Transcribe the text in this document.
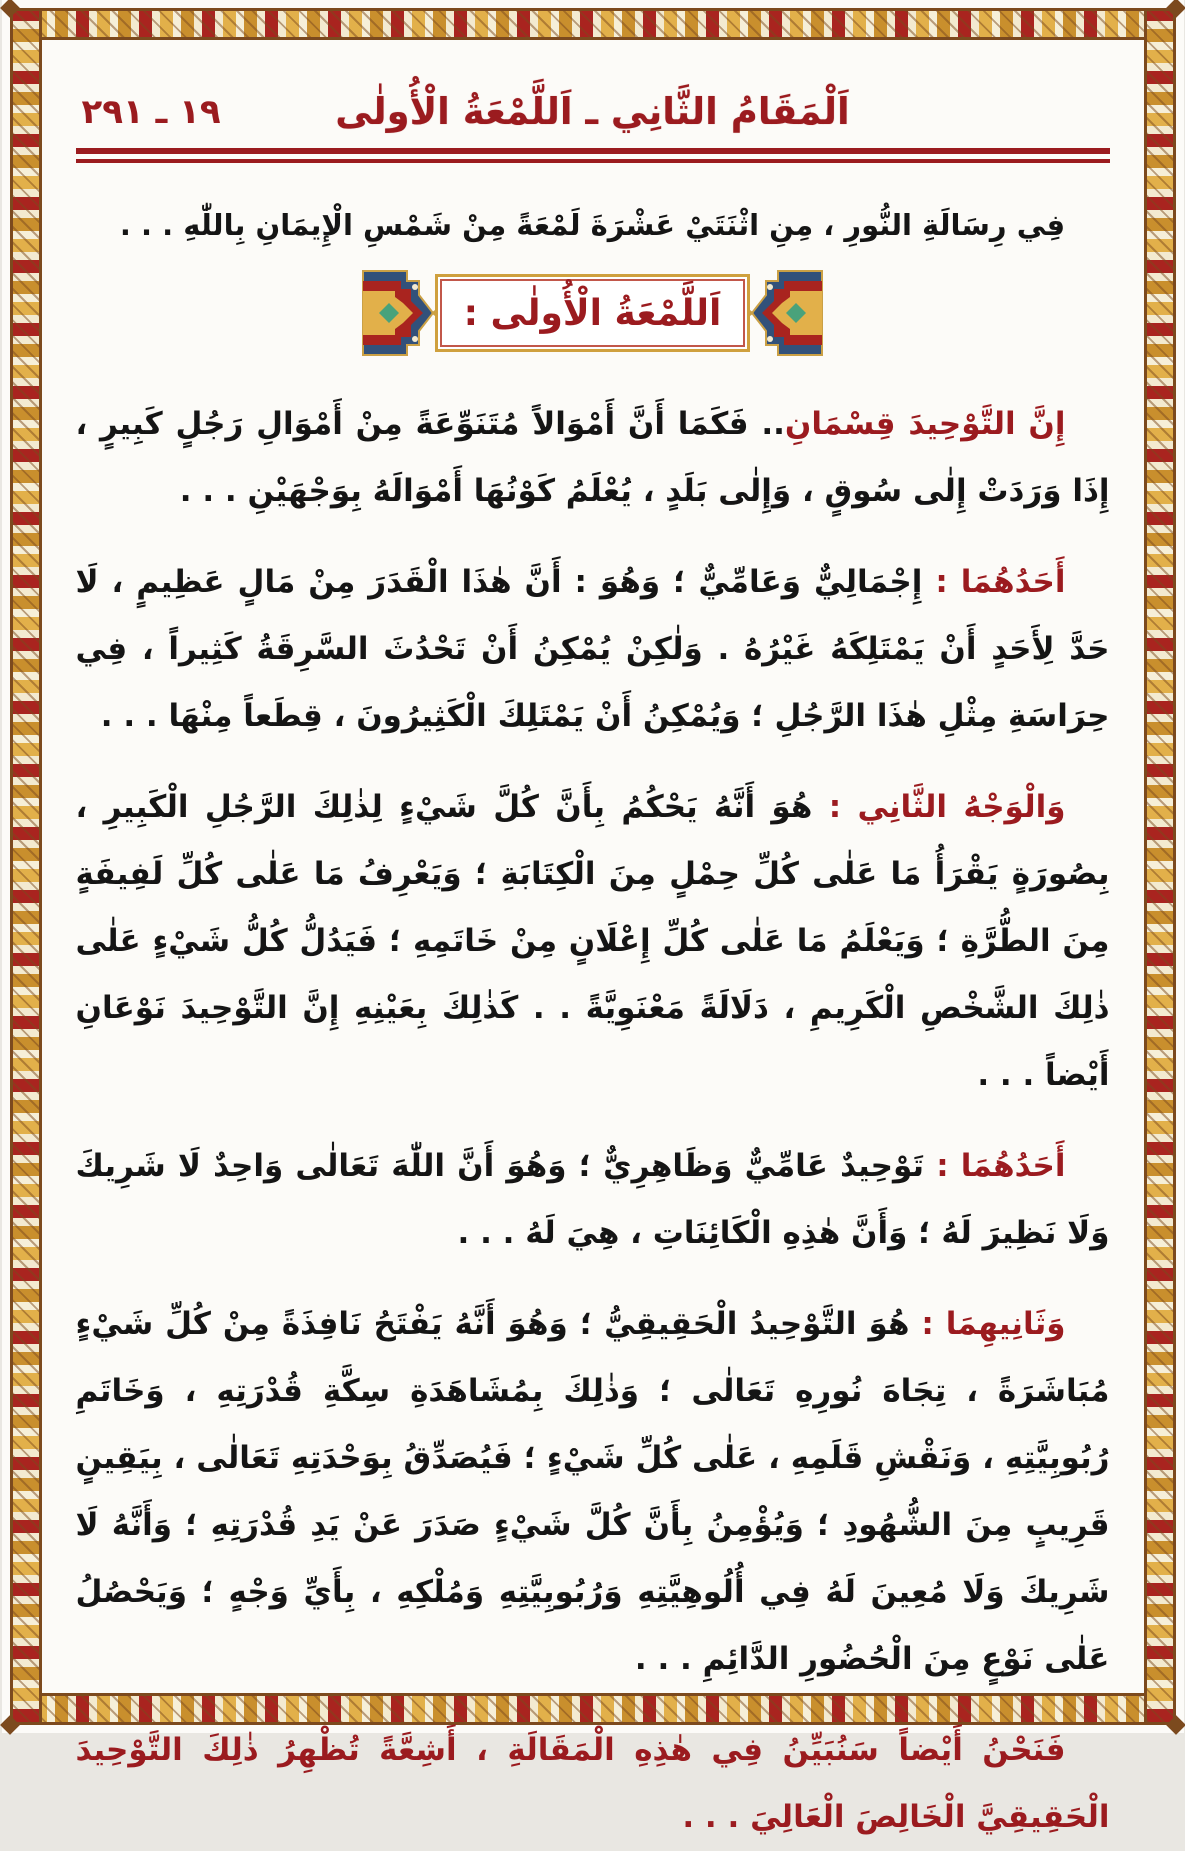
١٩ ـ ٢٩١	اَلْمَقَامُ الثَّانِي ـ اَللَّمْعَةُ الْأُولٰى

فِي رِسَالَةِ النُّورِ ، مِنِ اثْنَتَيْ عَشْرَةَ لَمْعَةً مِنْ شَمْسِ الْإِيمَانِ بِاللّٰهِ . . .

اَللَّمْعَةُ الْأُولٰى :

إِنَّ التَّوْحِيدَ قِسْمَانِ.. فَكَمَا أَنَّ أَمْوَالاً مُتَنَوِّعَةً مِنْ أَمْوَالِ رَجُلٍ كَبِيرٍ ، إِذَا وَرَدَتْ إِلٰى سُوقٍ ، وَإِلٰى بَلَدٍ ، يُعْلَمُ كَوْنُهَا أَمْوَالَهُ بِوَجْهَيْنِ . . .

أَحَدُهُمَا : إِجْمَالِيٌّ وَعَامِّيٌّ ؛ وَهُوَ : أَنَّ هٰذَا الْقَدَرَ مِنْ مَالٍ عَظِيمٍ ، لَا حَدَّ لِأَحَدٍ أَنْ يَمْتَلِكَهُ غَيْرُهُ . وَلٰكِنْ يُمْكِنُ أَنْ تَحْدُثَ السَّرِقَةُ كَثِيراً ، فِي حِرَاسَةِ مِثْلِ هٰذَا الرَّجُلِ ؛ وَيُمْكِنُ أَنْ يَمْتَلِكَ الْكَثِيرُونَ ، قِطَعاً مِنْهَا . . .

وَالْوَجْهُ الثَّانِي : هُوَ أَنَّهُ يَحْكُمُ بِأَنَّ كُلَّ شَيْءٍ لِذٰلِكَ الرَّجُلِ الْكَبِيرِ ، بِصُورَةٍ يَقْرَأُ مَا عَلٰى كُلِّ حِمْلٍ مِنَ الْكِتَابَةِ ؛ وَيَعْرِفُ مَا عَلٰى كُلِّ لَفِيفَةٍ مِنَ الطُّرَّةِ ؛ وَيَعْلَمُ مَا عَلٰى كُلِّ إِعْلَانٍ مِنْ خَاتَمِهِ ؛ فَيَدُلُّ كُلُّ شَيْءٍ عَلٰى ذٰلِكَ الشَّخْصِ الْكَرِيمِ ، دَلَالَةً مَعْنَوِيَّةً . . كَذٰلِكَ بِعَيْنِهِ إِنَّ التَّوْحِيدَ نَوْعَانِ أَيْضاً . . .

أَحَدُهُمَا : تَوْحِيدٌ عَامِّيٌّ وَظَاهِرِيٌّ ؛ وَهُوَ أَنَّ اللّٰهَ تَعَالٰى وَاحِدٌ لَا شَرِيكَ وَلَا نَظِيرَ لَهُ ؛ وَأَنَّ هٰذِهِ الْكَائِنَاتِ ، هِيَ لَهُ . . .

وَثَانِيهِمَا : هُوَ التَّوْحِيدُ الْحَقِيقِيُّ ؛ وَهُوَ أَنَّهُ يَفْتَحُ نَافِذَةً مِنْ كُلِّ شَيْءٍ مُبَاشَرَةً ، تِجَاهَ نُورِهِ تَعَالٰى ؛ وَذٰلِكَ بِمُشَاهَدَةِ سِكَّةِ قُدْرَتِهِ ، وَخَاتَمِ رُبُوبِيَّتِهِ ، وَنَقْشِ قَلَمِهِ ، عَلٰى كُلِّ شَيْءٍ ؛ فَيُصَدِّقُ بِوَحْدَتِهِ تَعَالٰى ، بِيَقِينٍ قَرِيبٍ مِنَ الشُّهُودِ ؛ وَيُؤْمِنُ بِأَنَّ كُلَّ شَيْءٍ صَدَرَ عَنْ يَدِ قُدْرَتِهِ ؛ وَأَنَّهُ لَا شَرِيكَ وَلَا مُعِينَ لَهُ فِي أُلُوهِيَّتِهِ وَرُبُوبِيَّتِهِ وَمُلْكِهِ ، بِأَيِّ وَجْهٍ ؛ وَيَحْصُلُ عَلٰى نَوْعٍ مِنَ الْحُضُورِ الدَّائِمِ . . .

فَنَحْنُ أَيْضاً سَنُبَيِّنُ فِي هٰذِهِ الْمَقَالَةِ ، أَشِعَّةً تُظْهِرُ ذٰلِكَ التَّوْحِيدَ الْحَقِيقِيَّ الْخَالِصَ الْعَالِيَ . . .
